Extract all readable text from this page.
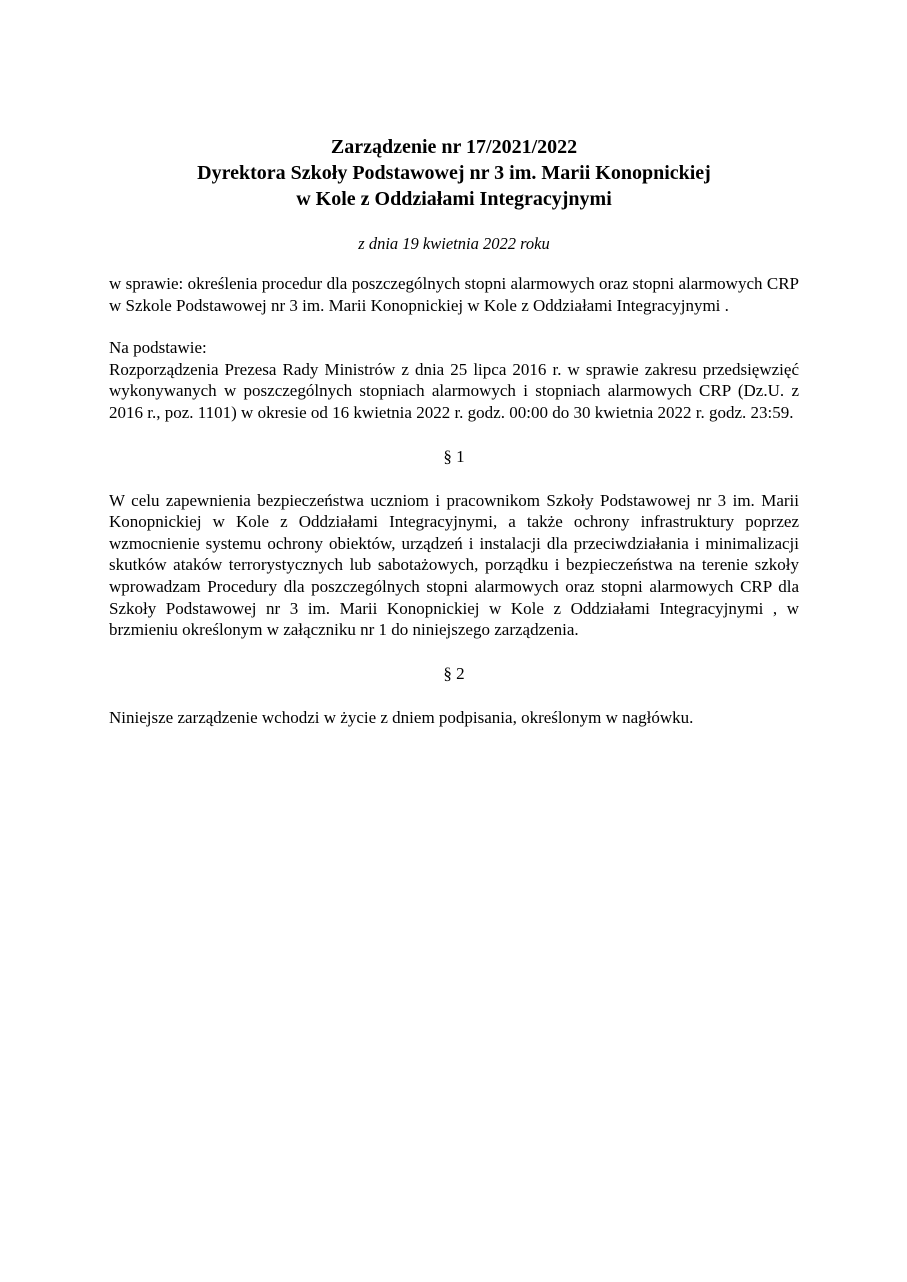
Zarządzenie nr 17/2021/2022
Dyrektora Szkoły Podstawowej nr 3 im. Marii Konopnickiej
w Kole z Oddziałami Integracyjnymi
z dnia 19 kwietnia 2022 roku

w sprawie: określenia procedur dla poszczególnych stopni alarmowych oraz stopni alarmowych CRP w Szkole Podstawowej nr 3 im. Marii Konopnickiej w Kole z Oddziałami Integracyjnymi .

Na podstawie:

Rozporządzenia Prezesa Rady Ministrów z dnia 25 lipca 2016 r. w sprawie zakresu przedsięwzięć wykonywanych w poszczególnych stopniach alarmowych i stopniach alarmowych CRP (Dz.U. z 2016 r., poz. 1101) w okresie od 16 kwietnia 2022 r. godz. 00:00 do 30 kwietnia 2022 r. godz. 23:59.

§ 1

W celu zapewnienia bezpieczeństwa uczniom i pracownikom Szkoły Podstawowej nr 3 im. Marii Konopnickiej w Kole z Oddziałami Integracyjnymi, a także ochrony infrastruktury poprzez wzmocnienie systemu ochrony obiektów, urządzeń i instalacji dla przeciwdziałania i minimalizacji skutków ataków terrorystycznych lub sabotażowych, porządku i bezpieczeństwa na terenie szkoły wprowadzam Procedury dla poszczególnych stopni alarmowych oraz stopni alarmowych CRP dla Szkoły Podstawowej nr 3 im. Marii Konopnickiej w Kole z Oddziałami Integracyjnymi , w brzmieniu określonym w załączniku nr 1 do niniejszego zarządzenia.

§ 2

Niniejsze zarządzenie wchodzi w życie z dniem podpisania, określonym w nagłówku.
